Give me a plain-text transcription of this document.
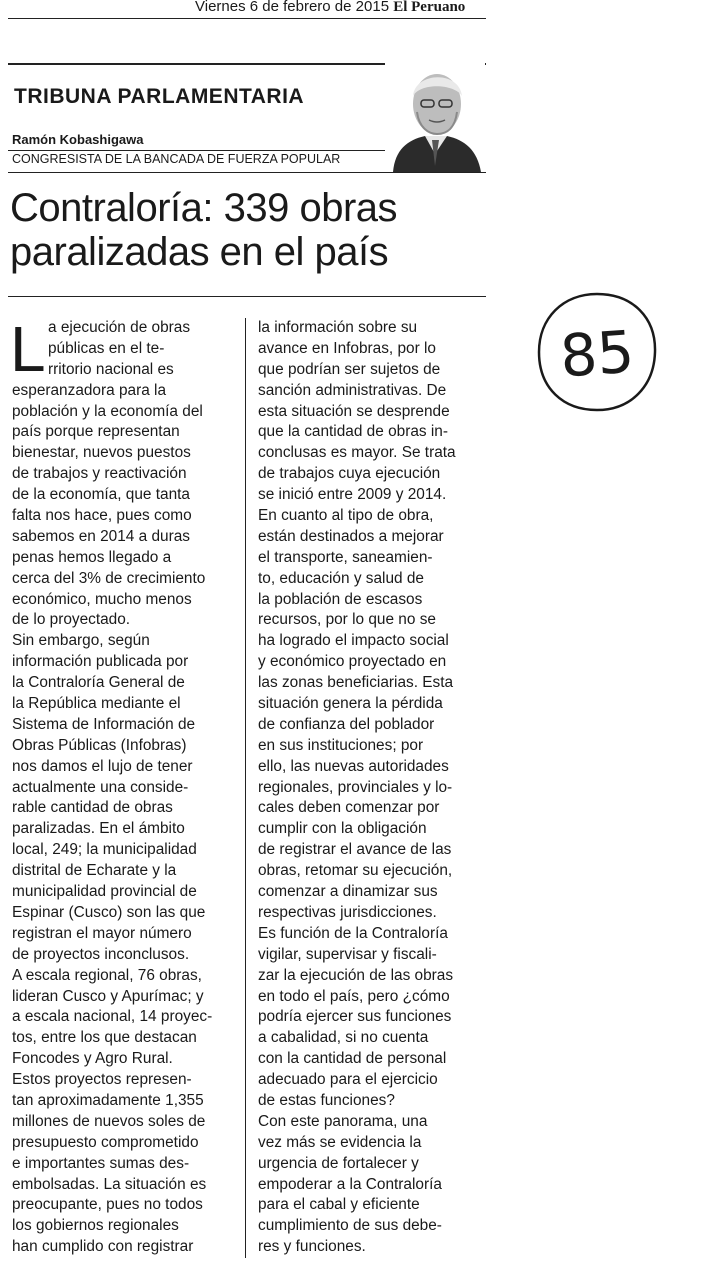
Viernes 6 de febrero de 2015 El Peruano
TRIBUNA PARLAMENTARIA
Ramón Kobashigawa
CONGRESISTA DE LA BANCADA DE FUERZA POPULAR
Contraloría: 339 obras
paralizadas en el país
L a ejecución de obras
públicas en el te-
rritorio nacional es
esperanzadora para la
población y la economía del
país porque representan
bienestar, nuevos puestos
de trabajos y reactivación
de la economía, que tanta
falta nos hace, pues como
sabemos en 2014 a duras
penas hemos llegado a
cerca del 3% de crecimiento
económico, mucho menos
de lo proyectado.
Sin embargo, según
información publicada por
la Contraloría General de
la República mediante el
Sistema de Información de
Obras Públicas (Infobras)
nos damos el lujo de tener
actualmente una conside-
rable cantidad de obras
paralizadas. En el ámbito
local, 249; la municipalidad
distrital de Echarate y la
municipalidad provincial de
Espinar (Cusco) son las que
registran el mayor número
de proyectos inconclusos.
A escala regional, 76 obras,
lideran Cusco y Apurímac; y
a escala nacional, 14 proyec-
tos, entre los que destacan
Foncodes y Agro Rural.
Estos proyectos represen-
tan aproximadamente 1,355
millones de nuevos soles de
presupuesto comprometido
e importantes sumas des-
embolsadas. La situación es
preocupante, pues no todos
los gobiernos regionales
han cumplido con registrar
la información sobre su
avance en Infobras, por lo
que podrían ser sujetos de
sanción administrativas. De
esta situación se desprende
que la cantidad de obras in-
conclusas es mayor. Se trata
de trabajos cuya ejecución
se inició entre 2009 y 2014.
En cuanto al tipo de obra,
están destinados a mejorar
el transporte, saneamien-
to, educación y salud de
la población de escasos
recursos, por lo que no se
ha logrado el impacto social
y económico proyectado en
las zonas beneficiarias. Esta
situación genera la pérdida
de confianza del poblador
en sus instituciones; por
ello, las nuevas autoridades
regionales, provinciales y lo-
cales deben comenzar por
cumplir con la obligación
de registrar el avance de las
obras, retomar su ejecución,
comenzar a dinamizar sus
respectivas jurisdicciones.
Es función de la Contraloría
vigilar, supervisar y fiscali-
zar la ejecución de las obras
en todo el país, pero ¿cómo
podría ejercer sus funciones
a cabalidad, si no cuenta
con la cantidad de personal
adecuado para el ejercicio
de estas funciones?
Con este panorama, una
vez más se evidencia la
urgencia de fortalecer y
empoderar a la Contraloría
para el cabal y eficiente
cumplimiento de sus debe-
res y funciones.
85
